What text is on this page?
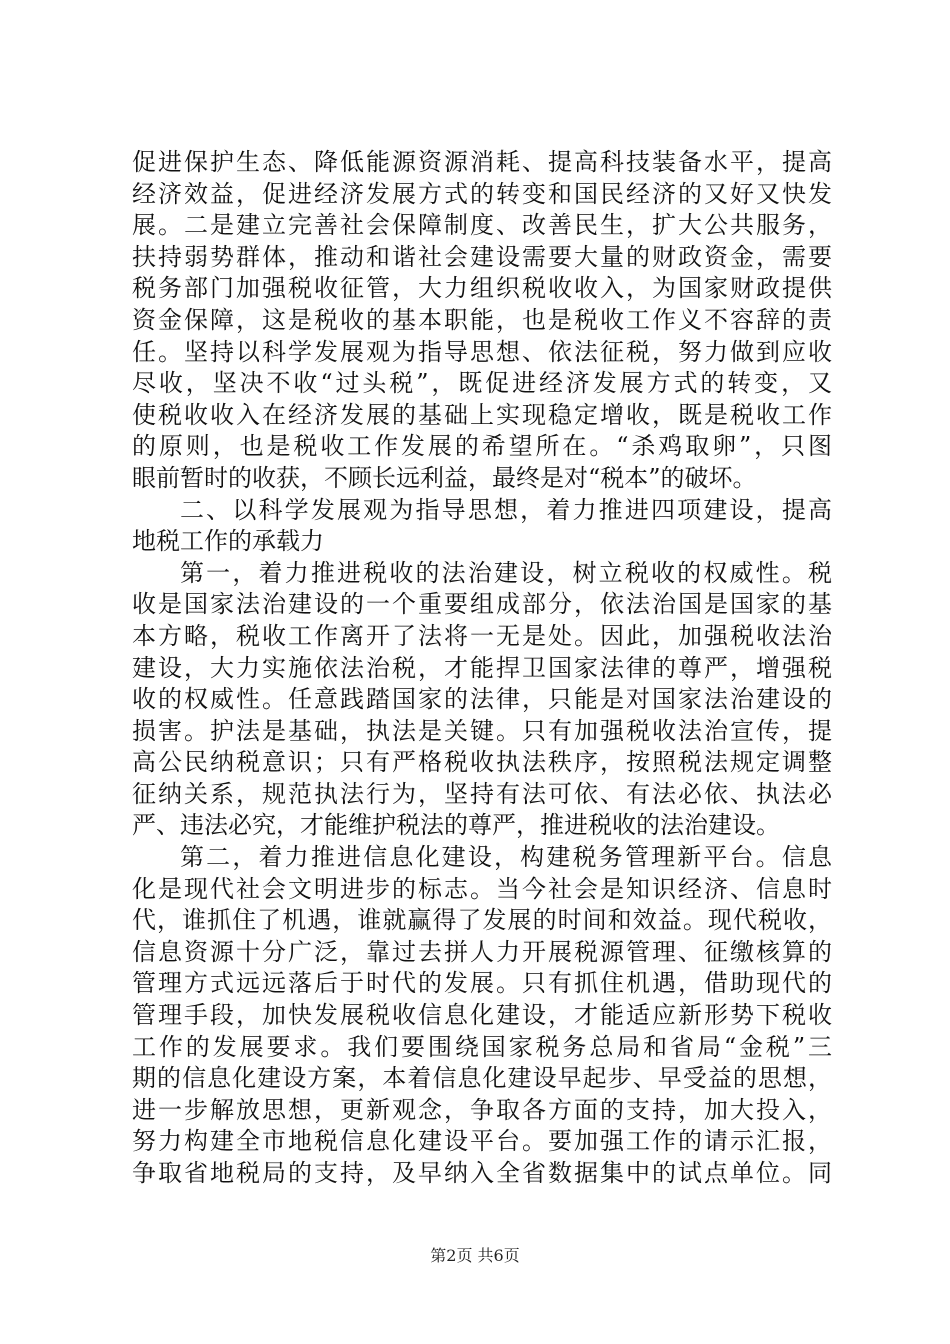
促进保护生态、降低能源资源消耗、提高科技装备水平，提高
经济效益，促进经济发展方式的转变和国民经济的又好又快发
展。二是建立完善社会保障制度、改善民生，扩大公共服务，
扶持弱势群体，推动和谐社会建设需要大量的财政资金，需要
税务部门加强税收征管，大力组织税收收入，为国家财政提供
资金保障，这是税收的基本职能，也是税收工作义不容辞的责
任。坚持以科学发展观为指导思想、依法征税，努力做到应收
尽收，坚决不收“过头税”，既促进经济发展方式的转变，又
使税收收入在经济发展的基础上实现稳定增收，既是税收工作
的原则，也是税收工作发展的希望所在。“杀鸡取卵”，只图
眼前暂时的收获，不顾长远利益，最终是对“税本”的破坏。
二、以科学发展观为指导思想，着力推进四项建设，提高
地税工作的承载力
第一，着力推进税收的法治建设，树立税收的权威性。税
收是国家法治建设的一个重要组成部分，依法治国是国家的基
本方略，税收工作离开了法将一无是处。因此，加强税收法治
建设，大力实施依法治税，才能捍卫国家法律的尊严，增强税
收的权威性。任意践踏国家的法律，只能是对国家法治建设的
损害。护法是基础，执法是关键。只有加强税收法治宣传，提
高公民纳税意识；只有严格税收执法秩序，按照税法规定调整
征纳关系，规范执法行为，坚持有法可依、有法必依、执法必
严、违法必究，才能维护税法的尊严，推进税收的法治建设。
第二，着力推进信息化建设，构建税务管理新平台。信息
化是现代社会文明进步的标志。当今社会是知识经济、信息时
代，谁抓住了机遇，谁就赢得了发展的时间和效益。现代税收，
信息资源十分广泛，靠过去拼人力开展税源管理、征缴核算的
管理方式远远落后于时代的发展。只有抓住机遇，借助现代的
管理手段，加快发展税收信息化建设，才能适应新形势下税收
工作的发展要求。我们要围绕国家税务总局和省局“金税”三
期的信息化建设方案，本着信息化建设早起步、早受益的思想，
进一步解放思想，更新观念，争取各方面的支持，加大投入，
努力构建全市地税信息化建设平台。要加强工作的请示汇报，
争取省地税局的支持，及早纳入全省数据集中的试点单位。同
第2页 共6页
